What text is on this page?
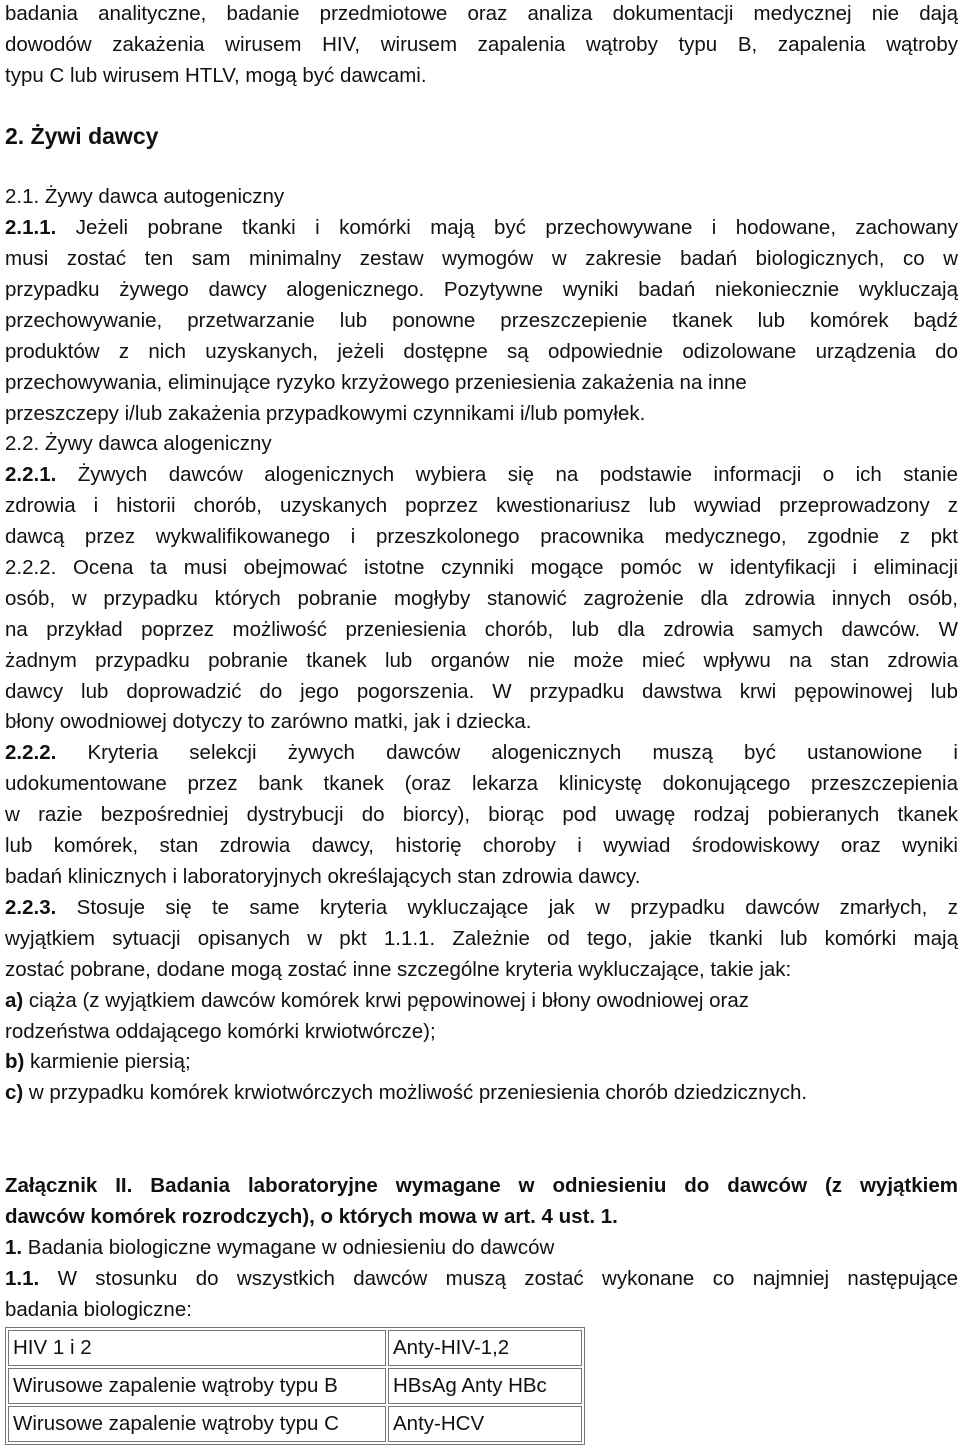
badania analityczne, badanie przedmiotowe oraz analiza dokumentacji medycznej nie dają
dowodów zakażenia wirusem HIV, wirusem zapalenia wątroby typu B, zapalenia wątroby
typu C lub wirusem HTLV, mogą być dawcami.
2. Żywi dawcy
2.1. Żywy dawca autogeniczny
2.1.1. Jeżeli pobrane tkanki i komórki mają być przechowywane i hodowane, zachowany
musi zostać ten sam minimalny zestaw wymogów w zakresie badań biologicznych, co w
przypadku żywego dawcy alogenicznego. Pozytywne wyniki badań niekoniecznie wykluczają
przechowywanie, przetwarzanie lub ponowne przeszczepienie tkanek lub komórek bądź
produktów z nich uzyskanych, jeżeli dostępne są odpowiednie odizolowane urządzenia do
przechowywania, eliminujące ryzyko krzyżowego przeniesienia zakażenia na inne
przeszczepy i/lub zakażenia przypadkowymi czynnikami i/lub pomyłek.
2.2. Żywy dawca alogeniczny
2.2.1. Żywych dawców alogenicznych wybiera się na podstawie informacji o ich stanie
zdrowia i historii chorób, uzyskanych poprzez kwestionariusz lub wywiad przeprowadzony z
dawcą przez wykwalifikowanego i przeszkolonego pracownika medycznego, zgodnie z pkt
2.2.2. Ocena ta musi obejmować istotne czynniki mogące pomóc w identyfikacji i eliminacji
osób, w przypadku których pobranie mogłyby stanowić zagrożenie dla zdrowia innych osób,
na przykład poprzez możliwość przeniesienia chorób, lub dla zdrowia samych dawców. W
żadnym przypadku pobranie tkanek lub organów nie może mieć wpływu na stan zdrowia
dawcy lub doprowadzić do jego pogorszenia. W przypadku dawstwa krwi pępowinowej lub
błony owodniowej dotyczy to zarówno matki, jak i dziecka.
2.2.2. Kryteria selekcji żywych dawców alogenicznych muszą być ustanowione i
udokumentowane przez bank tkanek (oraz lekarza klinicystę dokonującego przeszczepienia
w razie bezpośredniej dystrybucji do biorcy), biorąc pod uwagę rodzaj pobieranych tkanek
lub komórek, stan zdrowia dawcy, historię choroby i wywiad środowiskowy oraz wyniki
badań klinicznych i laboratoryjnych określających stan zdrowia dawcy.
2.2.3. Stosuje się te same kryteria wykluczające jak w przypadku dawców zmarłych, z
wyjątkiem sytuacji opisanych w pkt 1.1.1. Zależnie od tego, jakie tkanki lub komórki mają
zostać pobrane, dodane mogą zostać inne szczególne kryteria wykluczające, takie jak:
a) ciąża (z wyjątkiem dawców komórek krwi pępowinowej i błony owodniowej oraz
rodzeństwa oddającego komórki krwiotwórcze);
b) karmienie piersią;
c) w przypadku komórek krwiotwórczych możliwość przeniesienia chorób dziedzicznych.
Załącznik II. Badania laboratoryjne wymagane w odniesieniu do dawców (z wyjątkiem
dawców komórek rozrodczych), o których mowa w art. 4 ust. 1.
1. Badania biologiczne wymagane w odniesieniu do dawców
1.1. W stosunku do wszystkich dawców muszą zostać wykonane co najmniej następujące
badania biologiczne:
HIV 1 i 2	Anty-HIV-1,2
Wirusowe zapalenie wątroby typu B	HBsAg Anty HBc
Wirusowe zapalenie wątroby typu C	Anty-HCV
